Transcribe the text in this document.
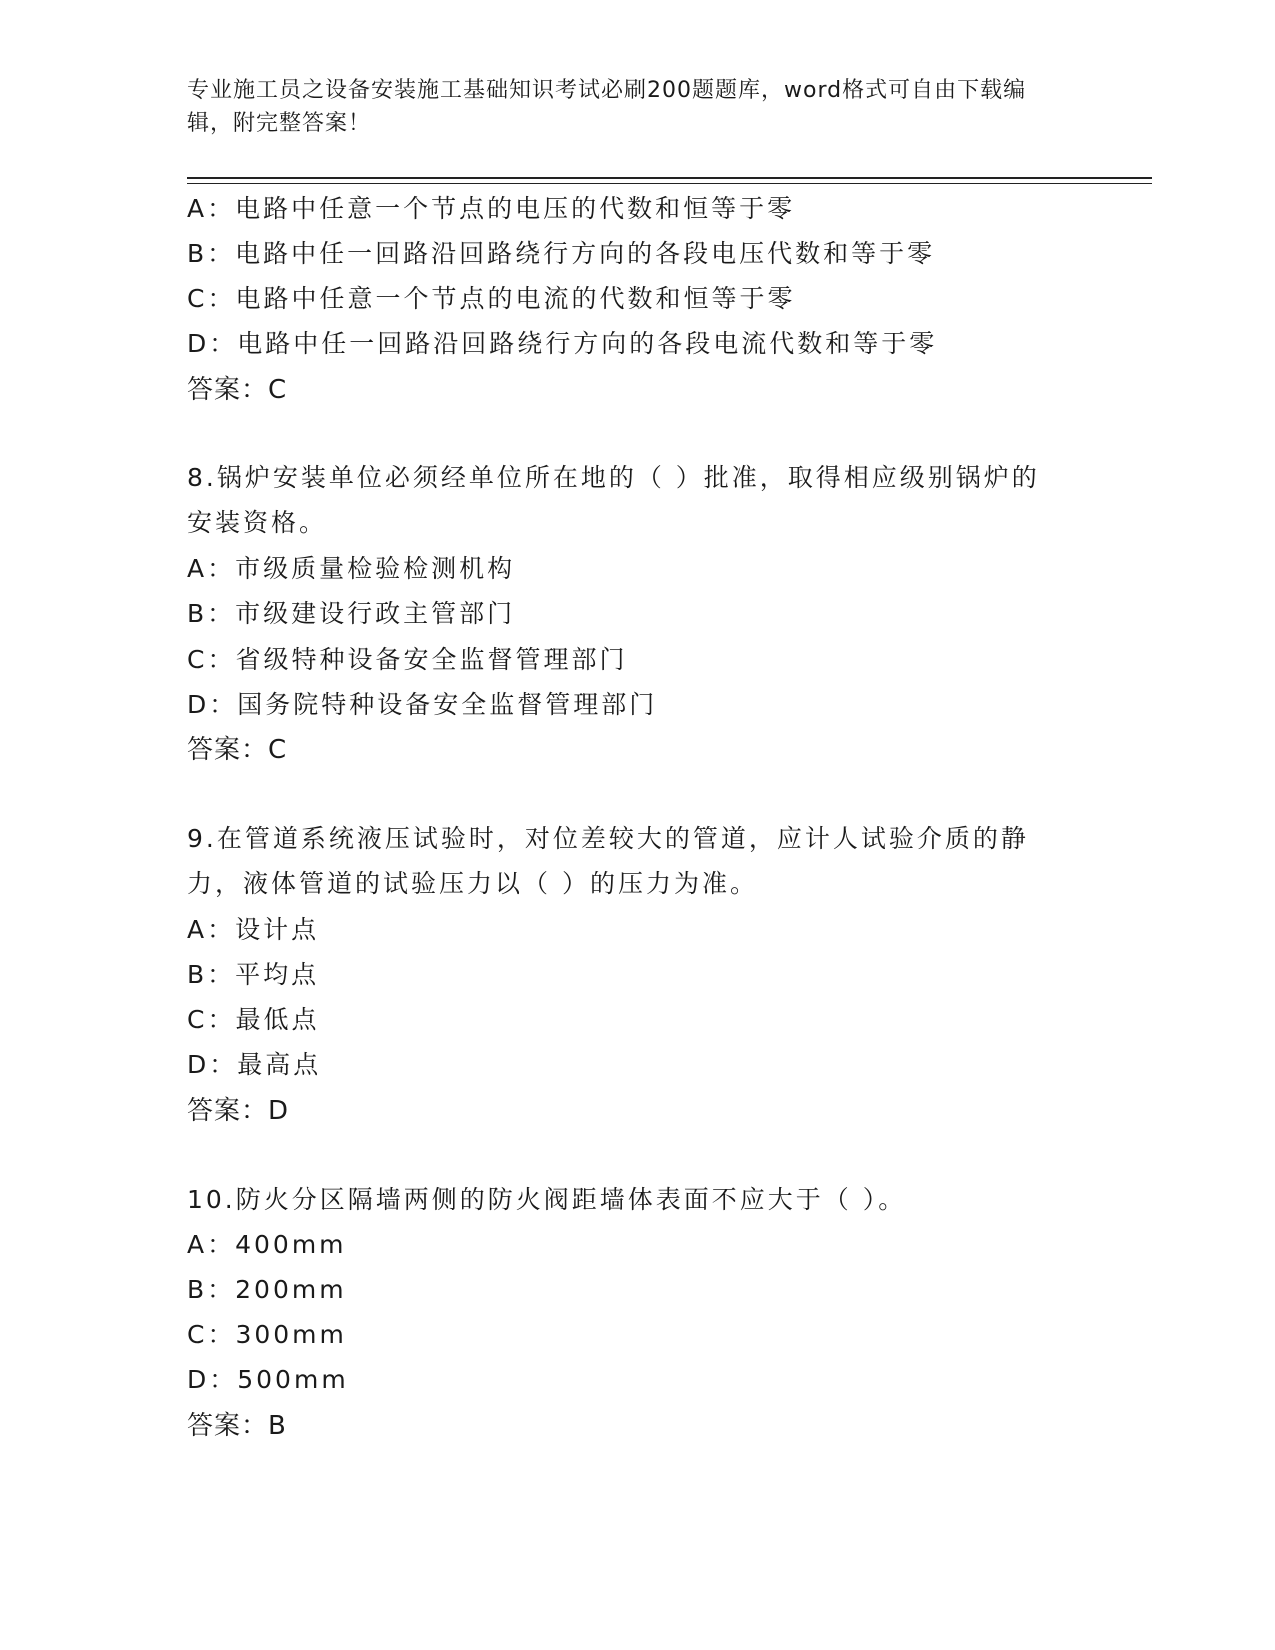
专业施工员之设备安装施工基础知识考试必刷200题题库，word格式可自由下载编辑，附完整答案！
A：电路中任意一个节点的电压的代数和恒等于零
B：电路中任一回路沿回路绕行方向的各段电压代数和等于零
C：电路中任意一个节点的电流的代数和恒等于零
D：电路中任一回路沿回路绕行方向的各段电流代数和等于零
答案：C
8.锅炉安装单位必须经单位所在地的（ ）批准，取得相应级别锅炉的
安装资格。
A：市级质量检验检测机构
B：市级建设行政主管部门
C：省级特种设备安全监督管理部门
D：国务院特种设备安全监督管理部门
答案：C
9.在管道系统液压试验时，对位差较大的管道，应计人试验介质的静
力，液体管道的试验压力以（ ）的压力为准。
A：设计点
B：平均点
C：最低点
D：最高点
答案：D
10.防火分区隔墙两侧的防火阀距墙体表面不应大于（ ）。
A：400mm
B：200mm
C：300mm
D：500mm
答案：B
